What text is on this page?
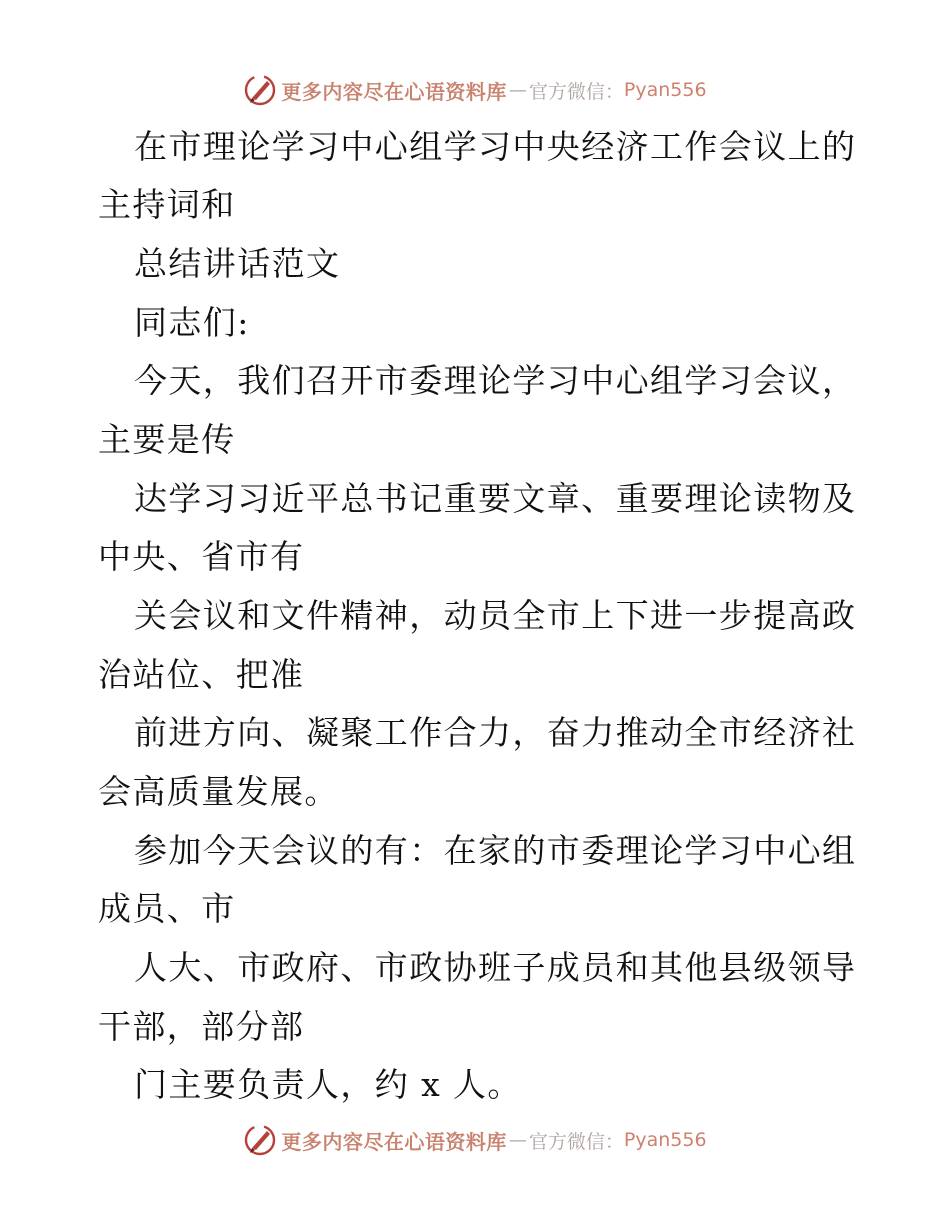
更多内容尽在心语资料库 — 官方微信： Pyan556
在市理论学习中心组学习中央经济工作会议上的
主持词和
总结讲话范文
同志们:
今天，我们召开市委理论学习中心组学习会议，
主要是传
达学习习近平总书记重要文章、重要理论读物及
中央、省市有
关会议和文件精神，动员全市上下进一步提高政
治站位、把准
前进方向、凝聚工作合力，奋力推动全市经济社
会高质量发展。
参加今天会议的有：在家的市委理论学习中心组
成员、市
人大、市政府、市政协班子成员和其他县级领导
干部，部分部
门主要负责人，约 x 人。
更多内容尽在心语资料库 — 官方微信： Pyan556
